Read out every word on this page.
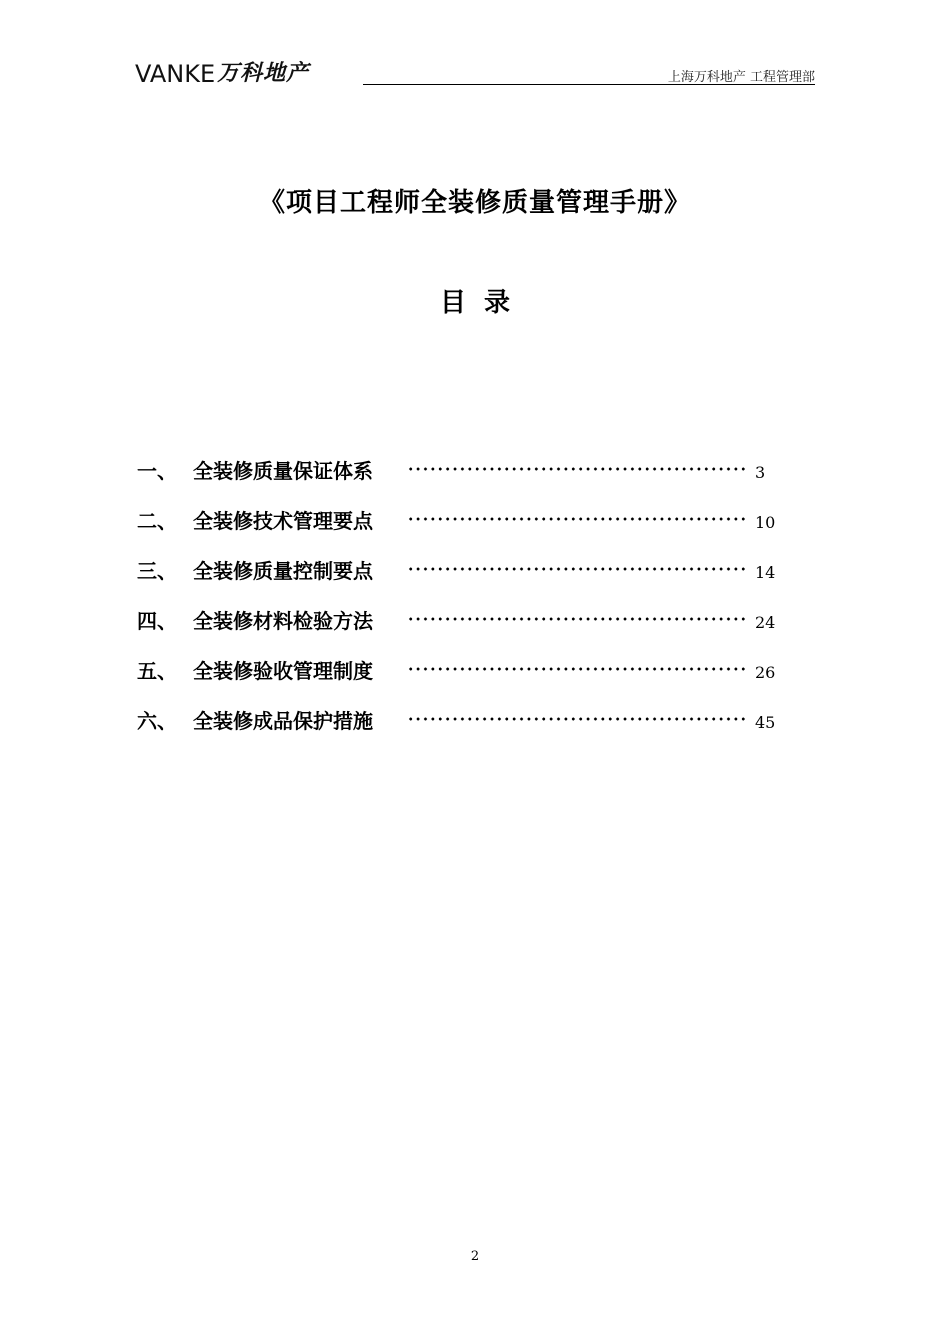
VANKE 万科地产	上海万科地产 工程管理部
《项目工程师全装修质量管理手册》
目  录
一、 全装修质量保证体系	3
二、 全装修技术管理要点	10
三、 全装修质量控制要点	14
四、 全装修材料检验方法	24
五、 全装修验收管理制度	26
六、 全装修成品保护措施	45
2
